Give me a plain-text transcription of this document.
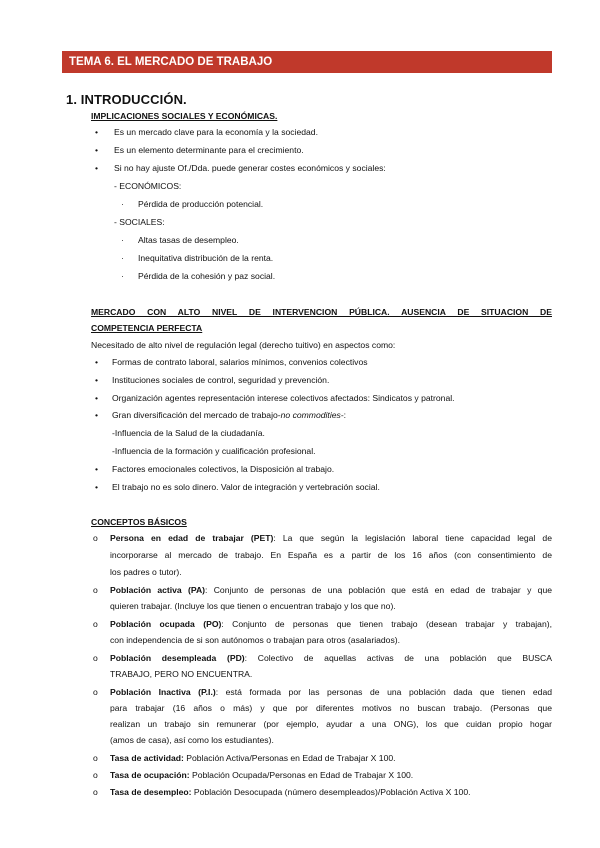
TEMA 6. EL MERCADO DE TRABAJO
1. INTRODUCCIÓN.
IMPLICACIONES SOCIALES Y ECONÓMICAS.
• Es un mercado clave para la economía y la sociedad.
• Es un elemento determinante para el crecimiento.
• Si no hay ajuste Of./Dda. puede generar costes económicos y sociales:
- ECONÓMICOS:
· Pérdida de producción potencial.
- SOCIALES:
· Altas tasas de desempleo.
· Inequitativa distribución de la renta.
· Pérdida de la cohesión y paz social.
MERCADO CON ALTO NIVEL DE INTERVENCION PÚBLICA. AUSENCIA DE SITUACION DE
COMPETENCIA PERFECTA
Necesitado de alto nivel de regulación legal (derecho tuitivo) en aspectos como:
• Formas de contrato laboral, salarios mínimos, convenios colectivos
• Instituciones sociales de control, seguridad y prevención.
• Organización agentes representación interese colectivos afectados: Sindicatos y patronal.
• Gran diversificación del mercado de trabajo-no commodities-:
-Influencia de la Salud de la ciudadanía.
-Influencia de la formación y cualificación profesional.
• Factores emocionales colectivos, la Disposición al trabajo.
• El trabajo no es solo dinero. Valor de integración y vertebración social.
CONCEPTOS BÁSICOS
o Persona en edad de trabajar (PET): La que según la legislación laboral tiene capacidad legal de
incorporarse al mercado de trabajo. En España es a partir de los 16 años (con consentimiento de
los padres o tutor).
o Población activa (PA): Conjunto de personas de una población que está en edad de trabajar y que
quieren trabajar. (Incluye los que tienen o encuentran trabajo y los que no).
o Población ocupada (PO): Conjunto de personas que tienen trabajo (desean trabajar y trabajan),
con independencia de si son autónomos o trabajan para otros (asalariados).
o Población desempleada (PD): Colectivo de aquellas activas de una población que BUSCA
TRABAJO, PERO NO ENCUENTRA.
o Población Inactiva (P.I.): está formada por las personas de una población dada que tienen edad
para trabajar (16 años o más) y que por diferentes motivos no buscan trabajo. (Personas que
realizan un trabajo sin remunerar (por ejemplo, ayudar a una ONG), los que cuidan propio hogar
(amos de casa), así como los estudiantes).
o Tasa de actividad: Población Activa/Personas en Edad de Trabajar X 100.
o Tasa de ocupación: Población Ocupada/Personas en Edad de Trabajar X 100.
o Tasa de desempleo: Población Desocupada (número desempleados)/Población Activa X 100.
